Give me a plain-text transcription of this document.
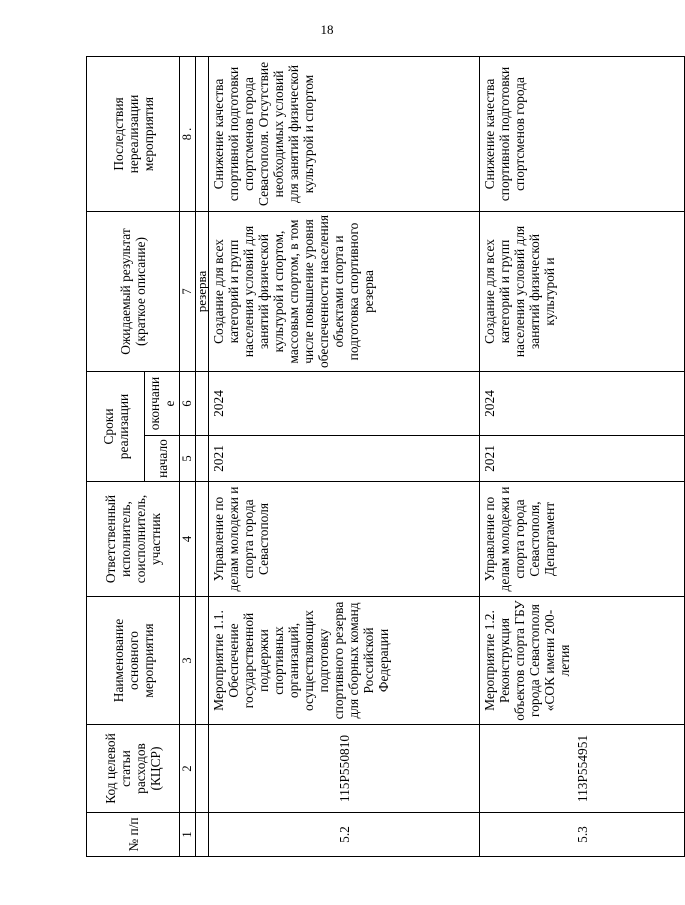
18
№ п/п	Код целевой статьи расходов (КЦСР)	Наименование основного мероприятия	Ответственный исполнитель, соисполнитель, участник	Сроки реализации		Ожидаемый результат (краткое описание)	Последствия нереализации мероприятия
				начало	окончание		
1	2	3	4	5	6	7	8 .
						резерва	
5.2	115P550810	Мероприятие 1.1. Обеспечение государственной поддержки спортивных организаций, осуществляющих подготовку спортивного резерва для сборных команд Российской Федерации	Управление по делам молодежи и спорта города Севастополя	2021	2024	Создание для всех категорий и групп населения условий для занятий физической культурой и спортом, массовым спортом, в том числе повышение уровня обеспеченности населения объектами спорта и подготовка спортивного резерва	Снижение качества спортивной подготовки спортсменов города Севастополя. Отсутствие необходимых условий для занятий физической культурой и спортом
5.3	113P554951	Мероприятие 1.2. Реконструкция объектов спорта ГБУ города Севастополя «СОК имени 200-летия	Управление по делам молодежи и спорта города Севастополя, Департамент	2021	2024	Создание для всех категорий и групп населения условий для занятий физической культурой и	Снижение качества спортивной подготовки спортсменов города
